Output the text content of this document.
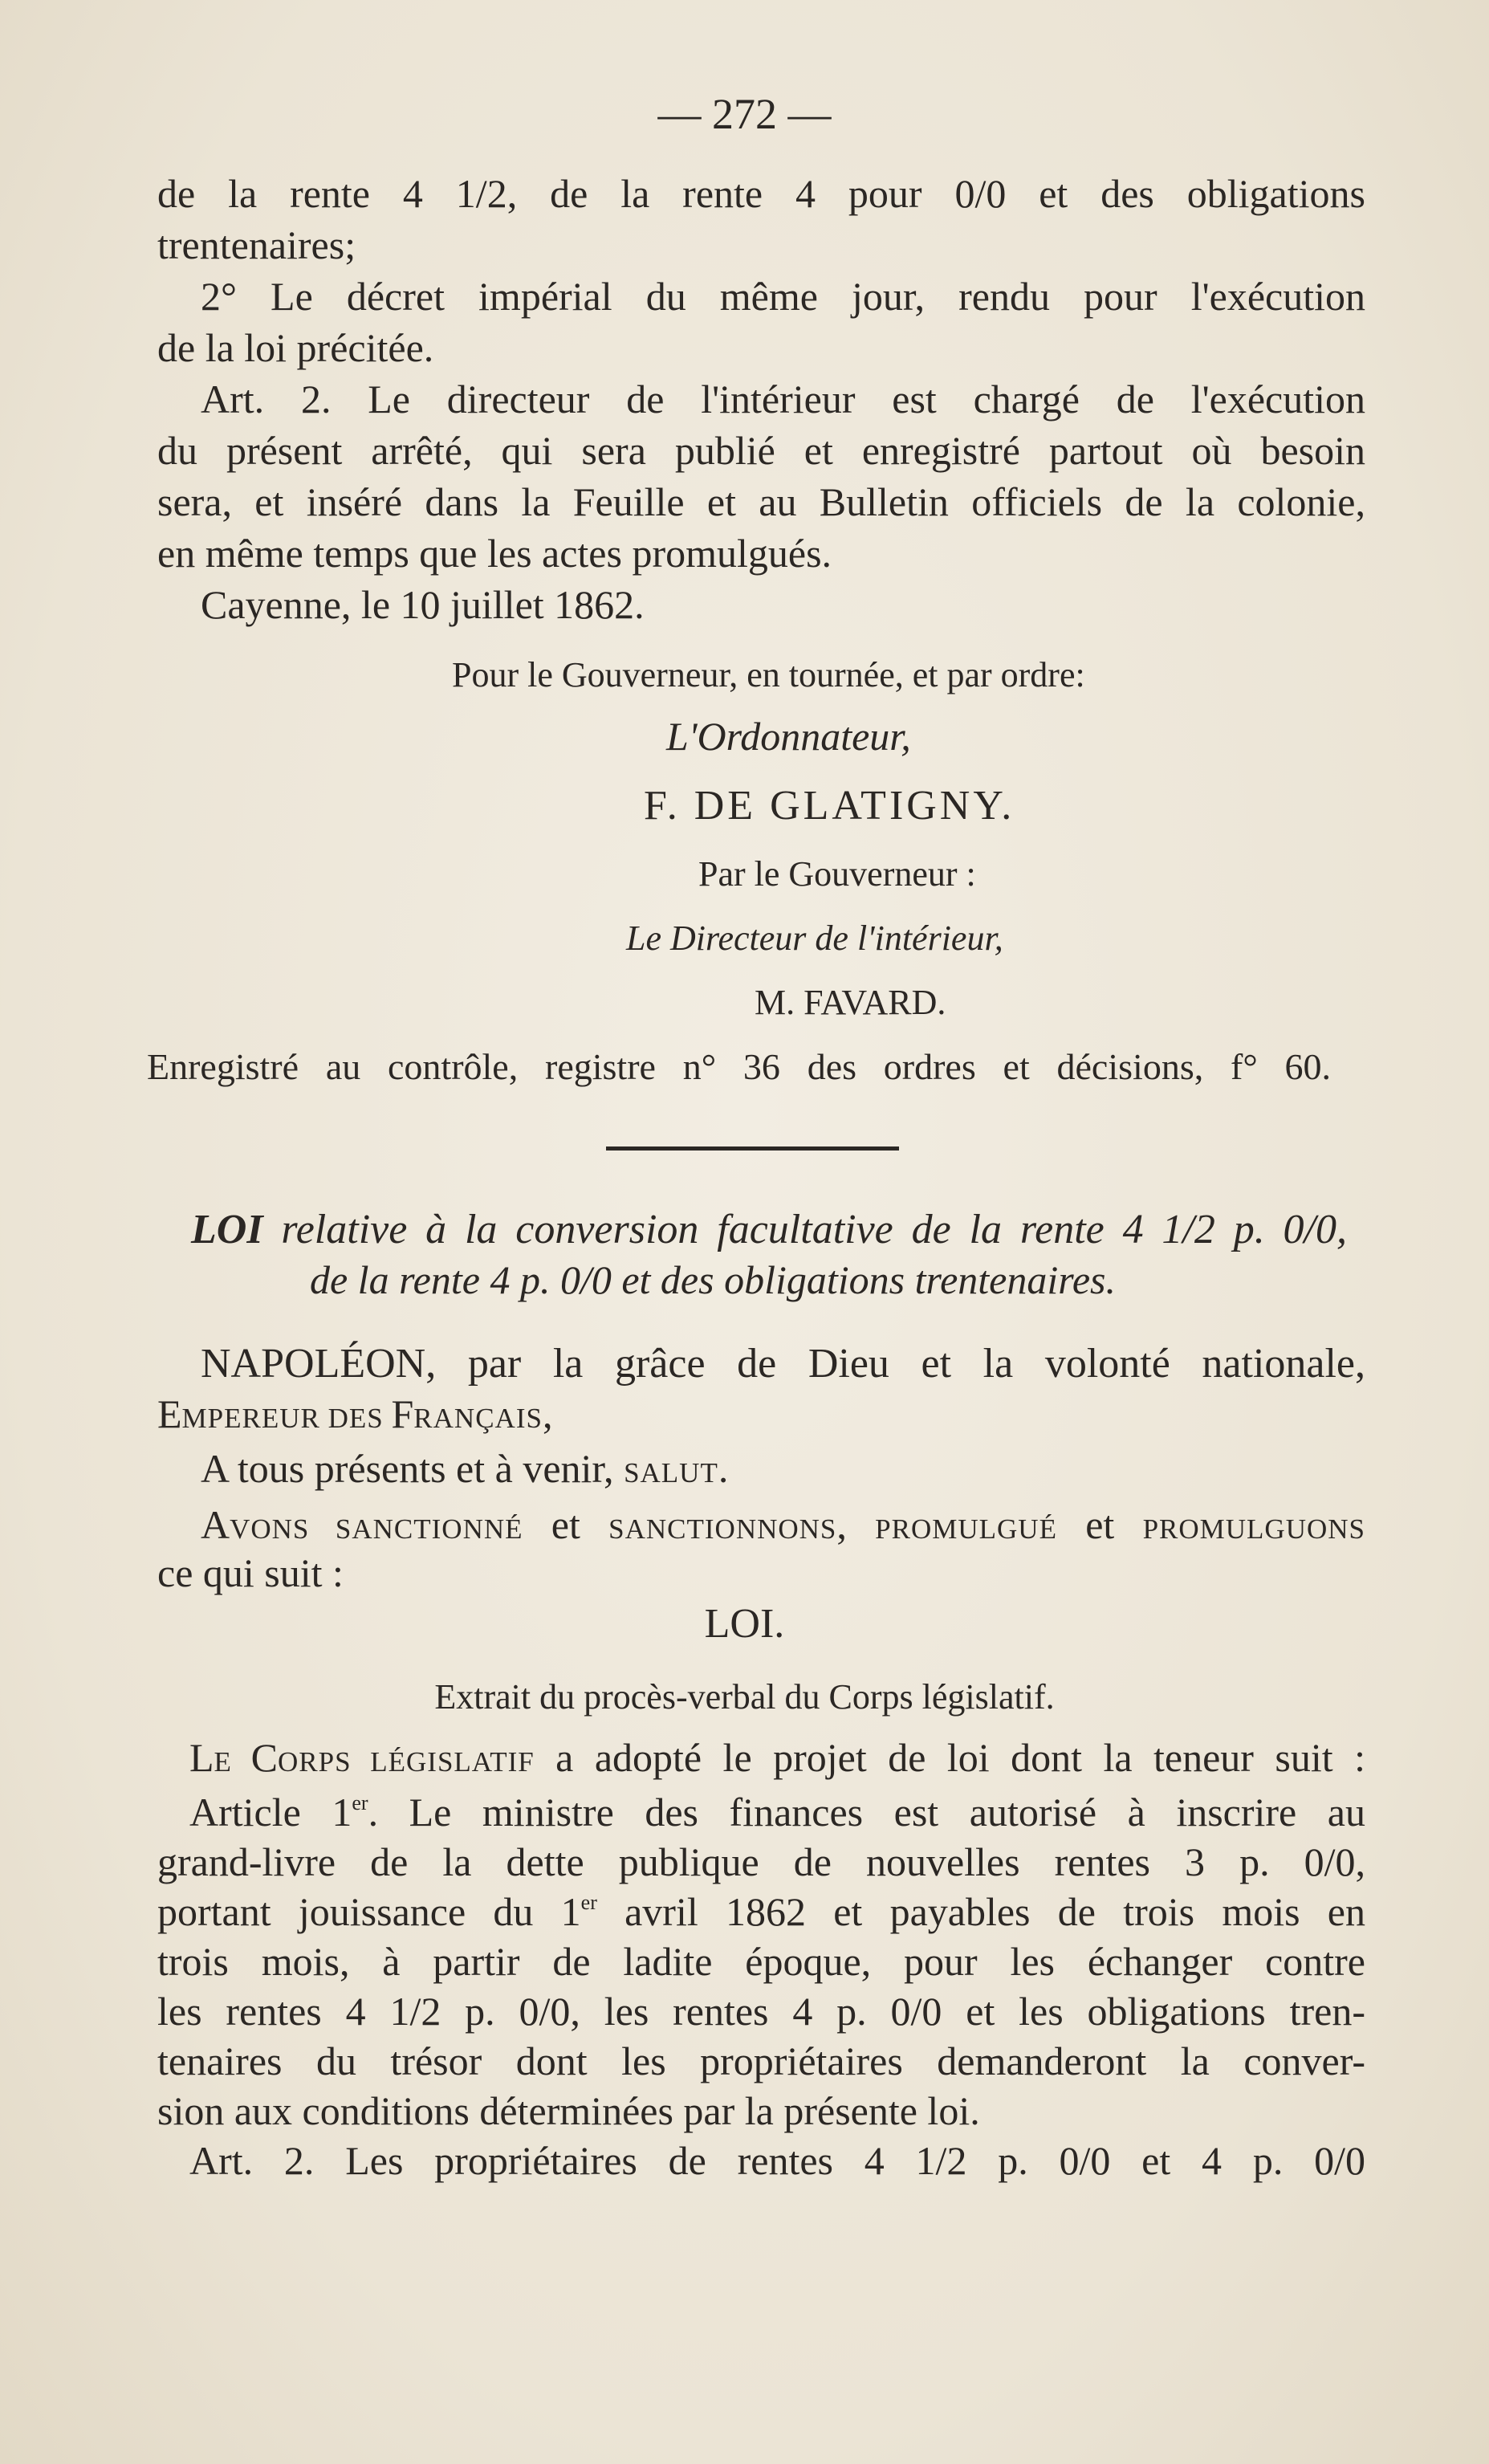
— 272 —
de la rente 4 1/2, de la rente 4 pour 0/0 et des obligations
trentenaires;
2° Le décret impérial du même jour, rendu pour l'exécution
de la loi précitée.
Art. 2. Le directeur de l'intérieur est chargé de l'exécution
du présent arrêté, qui sera publié et enregistré partout où besoin
sera, et inséré dans la Feuille et au Bulletin officiels de la colonie,
en même temps que les actes promulgués.
Cayenne, le 10 juillet 1862.
Pour le Gouverneur, en tournée, et par ordre:
L'Ordonnateur,
F. DE GLATIGNY.
Par le Gouverneur :
Le Directeur de l'intérieur,
M. FAVARD.
Enregistré au contrôle, registre n° 36 des ordres et décisions, f° 60.
LOI relative à la conversion facultative de la rente 4 1/2 p. 0/0,
de la rente 4 p. 0/0 et des obligations trentenaires.
NAPOLÉON, par la grâce de Dieu et la volonté nationale,
EMPEREUR DES FRANÇAIS,
A tous présents et à venir, SALUT.
AVONS SANCTIONNÉ et SANCTIONNONS, PROMULGUÉ et PROMULGUONS
ce qui suit :
LOI.
Extrait du procès-verbal du Corps législatif.
LE CORPS LÉGISLATIF a adopté le projet de loi dont la teneur suit :
Article 1er. Le ministre des finances est autorisé à inscrire au
grand-livre de la dette publique de nouvelles rentes 3 p. 0/0,
portant jouissance du 1er avril 1862 et payables de trois mois en
trois mois, à partir de ladite époque, pour les échanger contre
les rentes 4 1/2 p. 0/0, les rentes 4 p. 0/0 et les obligations tren-
tenaires du trésor dont les propriétaires demanderont la conver-
sion aux conditions déterminées par la présente loi.
Art. 2. Les propriétaires de rentes 4 1/2 p. 0/0 et 4 p. 0/0
